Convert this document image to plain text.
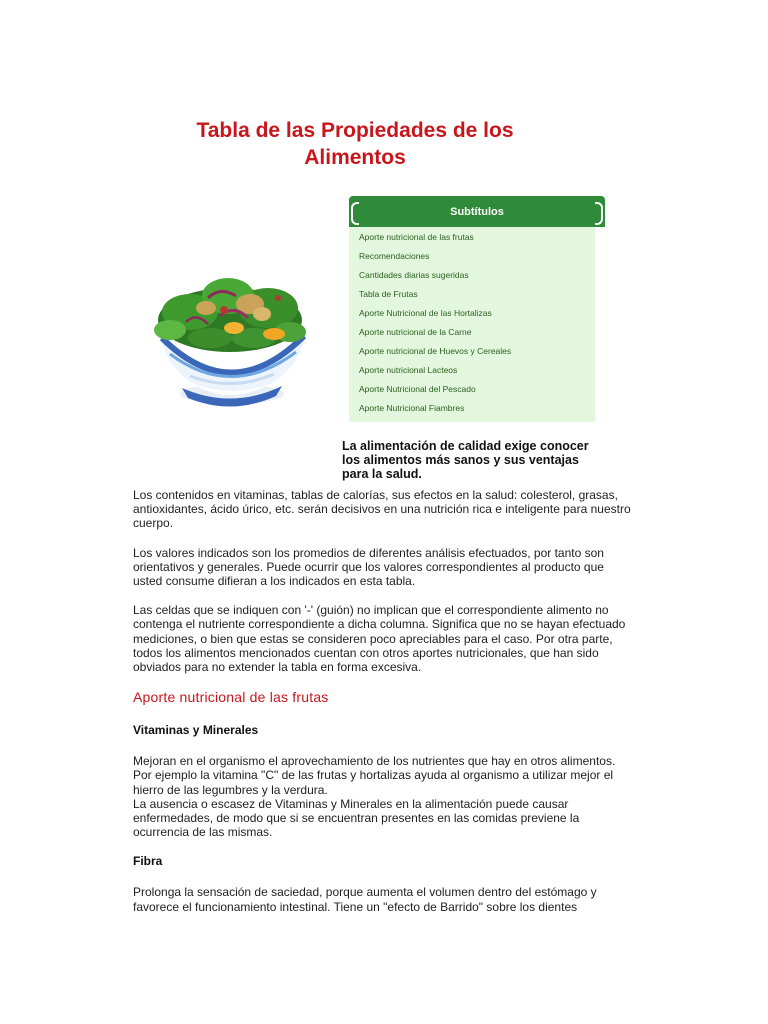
Tabla de las Propiedades de los
Alimentos
Subtítulos
Aporte nutricional de las frutas
Recomendaciones
Cantidades diarias sugeridas
Tabla de Frutas
Aporte Nutricional de las Hortalizas
Aporte nutricional de la Carne
Aporte nutricional de Huevos y Cereales
Aporte nutricional Lacteos
Aporte Nutricional del Pescado
Aporte Nutricional Fiambres

La alimentación de calidad exige conocer
los alimentos más sanos y sus ventajas
para la salud.

Los contenidos en vitaminas, tablas de calorías, sus efectos en la salud: colesterol, grasas, antioxidantes, ácido úrico, etc. serán decisivos en una nutrición rica e inteligente para nuestro cuerpo.

Los valores indicados son los promedios de diferentes análisis efectuados, por tanto son orientativos y generales. Puede ocurrir que los valores correspondientes al producto que usted consume difieran a los indicados en esta tabla.

Las celdas que se indiquen con '-' (guión) no implican que el correspondiente alimento no contenga el nutriente correspondiente a dicha columna. Significa que no se hayan efectuado mediciones, o bien que estas se consideren poco apreciables para el caso. Por otra parte, todos los alimentos mencionados cuentan con otros aportes nutricionales, que han sido obviados para no extender la tabla en forma excesiva.

Aporte nutricional de las frutas
Vitaminas y Minerales

Mejoran en el organismo el aprovechamiento de los nutrientes que hay en otros alimentos. Por ejemplo la vitamina "C" de las frutas y hortalizas ayuda al organismo a utilizar mejor el hierro de las legumbres y la verdura.

La ausencia o escasez de Vitaminas y Minerales en la alimentación puede causar enfermedades, de modo que si se encuentran presentes en las comidas previene la ocurrencia de las mismas.

Fibra

Prolonga la sensación de saciedad, porque aumenta el volumen dentro del estómago y favorece el funcionamiento intestinal. Tiene un "efecto de Barrido" sobre los dientes
